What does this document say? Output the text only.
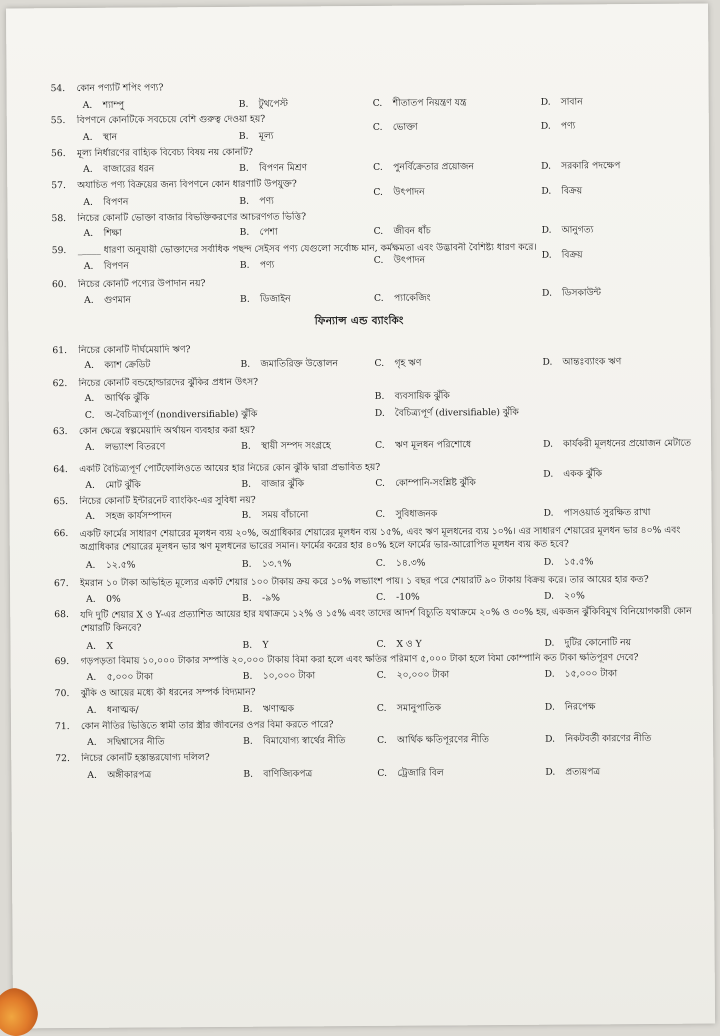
ফিন্যান্স এন্ড ব্যাংকিং
54.	কোন পণ্যটি শপিং পণ্য?
A. শ্যাম্পু	B. টুথপেস্ট	C. শীতাতপ নিয়ন্ত্রণ যন্ত্র	D. সাবান
55.	বিপণনে কোনটিকে সবচেয়ে বেশি গুরুত্ব দেওয়া হয়?
A. স্থান	B. মূল্য
C. ভোক্তা	D. পণ্য
56.	মূল্য নির্ধারণের বাহ্যিক বিবেচ্য বিষয় নয় কোনটি?
A. বাজারের ধরন	B. বিপণন মিশ্রণ	C. পুনর্বিক্রেতার প্রয়োজন	D. সরকারি পদক্ষেপ
57.	অযাচিত পণ্য বিক্রয়ের জন্য বিপণনে কোন ধারণাটি উপযুক্ত?
A. বিপণন	B. পণ্য
C. উৎপাদন	D. বিক্রয়
58.	নিচের কোনটি ভোক্তা বাজার বিভক্তিকরণের আচরণগত ভিত্তি?
A. শিক্ষা	B. পেশা	C. জীবন ধাঁচ	D. আনুগত্য
59.	_____ ধারণা অনুযায়ী ভোক্তাদের সর্বাধিক পছন্দ সেইসব পণ্য যেগুলো সর্বোচ্চ মান, কর্মক্ষমতা এবং উদ্ভাবনী বৈশিষ্ট্য ধারণ করে।
A. বিপণন	B. পণ্য	C. উৎপাদন	D. বিক্রয়
60.	নিচের কোনটি পণ্যের উপাদান নয়?
A. গুণমান	B. ডিজাইন	C. প্যাকেজিং	D. ডিসকাউন্ট
61.	নিচের কোনটি দীর্ঘমেয়াদি ঋণ?
A. ক্যাশ ক্রেডিট	B. জমাতিরিক্ত উত্তোলন	C. গৃহ ঋণ	D. আন্তঃব্যাংক ঋণ
62.	নিচের কোনটি বন্ডহোল্ডারদের ঝুঁকির প্রধান উৎস?
A. আর্থিক ঝুঁকি	B. ব্যবসায়িক ঝুঁকি
C. অ-বৈচিত্র্যপূর্ণ (nondiversifiable) ঝুঁকি	D. বৈচিত্র্যপূর্ণ (diversifiable) ঝুঁকি
63.	কোন ক্ষেত্রে স্বল্পমেয়াদি অর্থায়ন ব্যবহার করা হয়?
A. লভ্যাংশ বিতরণে	B. স্থায়ী সম্পদ সংগ্রহে	C. ঋণ মূলধন পরিশোধে	D. কার্যকরী মূলধনের প্রয়োজন মেটাতে
64.	একটি বৈচিত্র্যপূর্ণ পোর্টফোলিওতে আয়ের হার নিচের কোন ঝুঁকি দ্বারা প্রভাবিত হয়?
A. মোট ঝুঁকি	B. বাজার ঝুঁকি	C. কোম্পানি-সংশ্লিষ্ট ঝুঁকি
D. একক ঝুঁকি
65.	নিচের কোনটি ইন্টারনেট ব্যাংকিং-এর সুবিধা নয়?
A. সহজ কার্যসম্পাদন	B. সময় বাঁচানো	C. সুবিধাজনক	D. পাসওয়ার্ড সুরক্ষিত রাখা
66.	একটি ফার্মের সাধারণ শেয়ারের মূলধন ব্যয় ২০%, অগ্রাধিকার শেয়ারের মূলধন ব্যয় ১৫%, এবং ঋণ মূলধনের ব্যয় ১০%। এর সাধারণ শেয়ারের মূলধন ভার ৪০% এবং অগ্রাধিকার শেয়ারের মূলধন ভার ঋণ মূলধনের ভারের সমান। ফার্মের করের হার ৪০% হলে ফার্মের ভার-আরোপিত মূলধন ব্যয় কত হবে?
A. ১২.৫%	B. ১৩.৭%	C. ১৪.৩%	D. ১৫.৫%
67.	ইমরান ১০ টাকা অভিহিত মূল্যের একটি শেয়ার ১০০ টাকায় ক্রয় করে ১০% লভ্যাংশ পায়। ১ বছর পরে শেয়ারটি ৯০ টাকায় বিক্রয় করে। তার আয়ের হার কত?
A. 0%	B. -৯%	C. -10%	D. ২০%
68.	যদি দুটি শেয়ার X ও Y-এর প্রত্যাশিত আয়ের হার যথাক্রমে ১২% ও ১৫% এবং তাদের আদর্শ বিচ্যুতি যথাক্রমে ২০% ও ৩০% হয়, একজন ঝুঁকিবিমুখ বিনিয়োগকারী কোন শেয়ারটি কিনবে?
A. X	B. Y	C. X ও Y	D. দুটির কোনোটি নয়
69.	গড়পড়তা বিমায় ১০,০০০ টাকার সম্পত্তি ২০,০০০ টাকায় বিমা করা হলে এবং ক্ষতির পরিমাণ ৫,০০০ টাকা হলে বিমা কোম্পানি কত টাকা ক্ষতিপূরণ দেবে?
A. ৫,০০০ টাকা	B. ১০,০০০ টাকা	C. ২০,০০০ টাকা	D. ১৫,০০০ টাকা
70.	ঝুঁকি ও আয়ের মধ্যে কী ধরনের সম্পর্ক বিদ্যমান?
A. ধনাত্মক/	B. ঋণাত্মক	C. সমানুপাতিক	D. নিরপেক্ষ
71.	কোন নীতির ভিত্তিতে স্বামী তার স্ত্রীর জীবনের ওপর বিমা করতে পারে?
A. সদ্বিশ্বাসের নীতি	B. বিমাযোগ্য স্বার্থের নীতি	C. আর্থিক ক্ষতিপূরণের নীতি	D. নিকটবর্তী কারণের নীতি
72.	নিচের কোনটি হস্তান্তরযোগ্য দলিল?
A. অঙ্গীকারপত্র	B. বাণিজ্যিকপত্র	C. ট্রেজারি বিল	D. প্রত্যয়পত্র
